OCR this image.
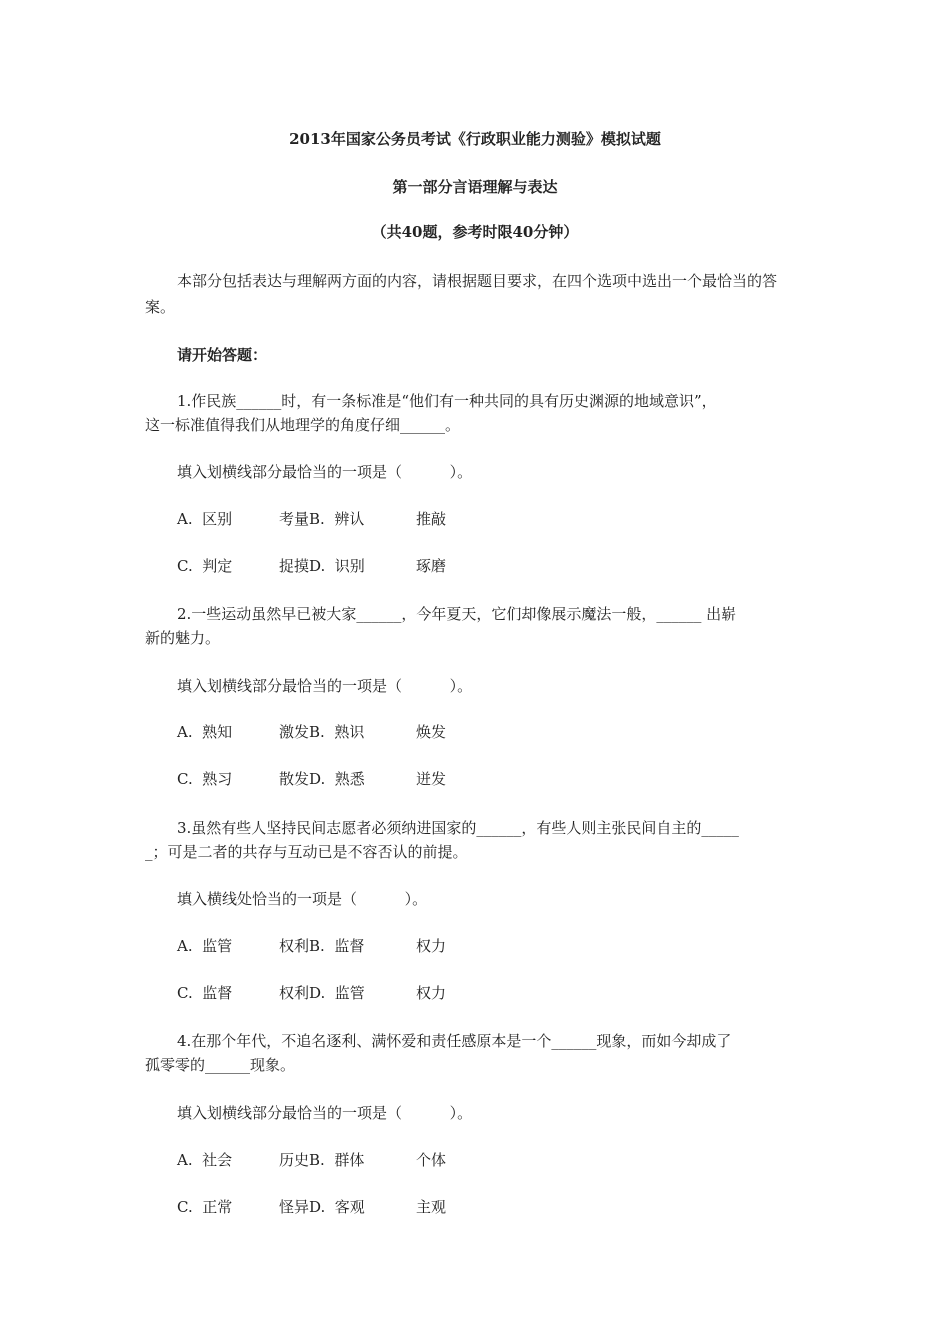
2013年国家公务员考试《行政职业能力测验》模拟试题
第一部分言语理解与表达
（共40题，参考时限40分钟）
本部分包括表达与理解两方面的内容，请根据题目要求，在四个选项中选出一个最恰当的答案。
请开始答题：
1.作民族______时，有一条标准是“他们有一种共同的具有历史渊源的地域意识”，
这一标准值得我们从地理学的角度仔细______。
填入划横线部分最恰当的一项是（          ）。
A.  区别	考量B.  辨认	推敲
C.  判定	捉摸D.  识别	琢磨
2.一些运动虽然早已被大家______，今年夏天，它们却像展示魔法一般，______ 出崭
新的魅力。
填入划横线部分最恰当的一项是（          ）。
A.  熟知	激发B.  熟识	焕发
C.  熟习	散发D.  熟悉	迸发
3.虽然有些人坚持民间志愿者必须纳进国家的______，有些人则主张民间自主的_____
_；可是二者的共存与互动已是不容否认的前提。
填入横线处恰当的一项是（          ）。
A.  监管	权利B.  监督	权力
C.  监督	权利D.  监管	权力
4.在那个年代，不追名逐利、满怀爱和责任感原本是一个______现象，而如今却成了
孤零零的______现象。
填入划横线部分最恰当的一项是（          ）。
A.  社会	历史B.  群体	个体
C.  正常	怪异D.  客观	主观
